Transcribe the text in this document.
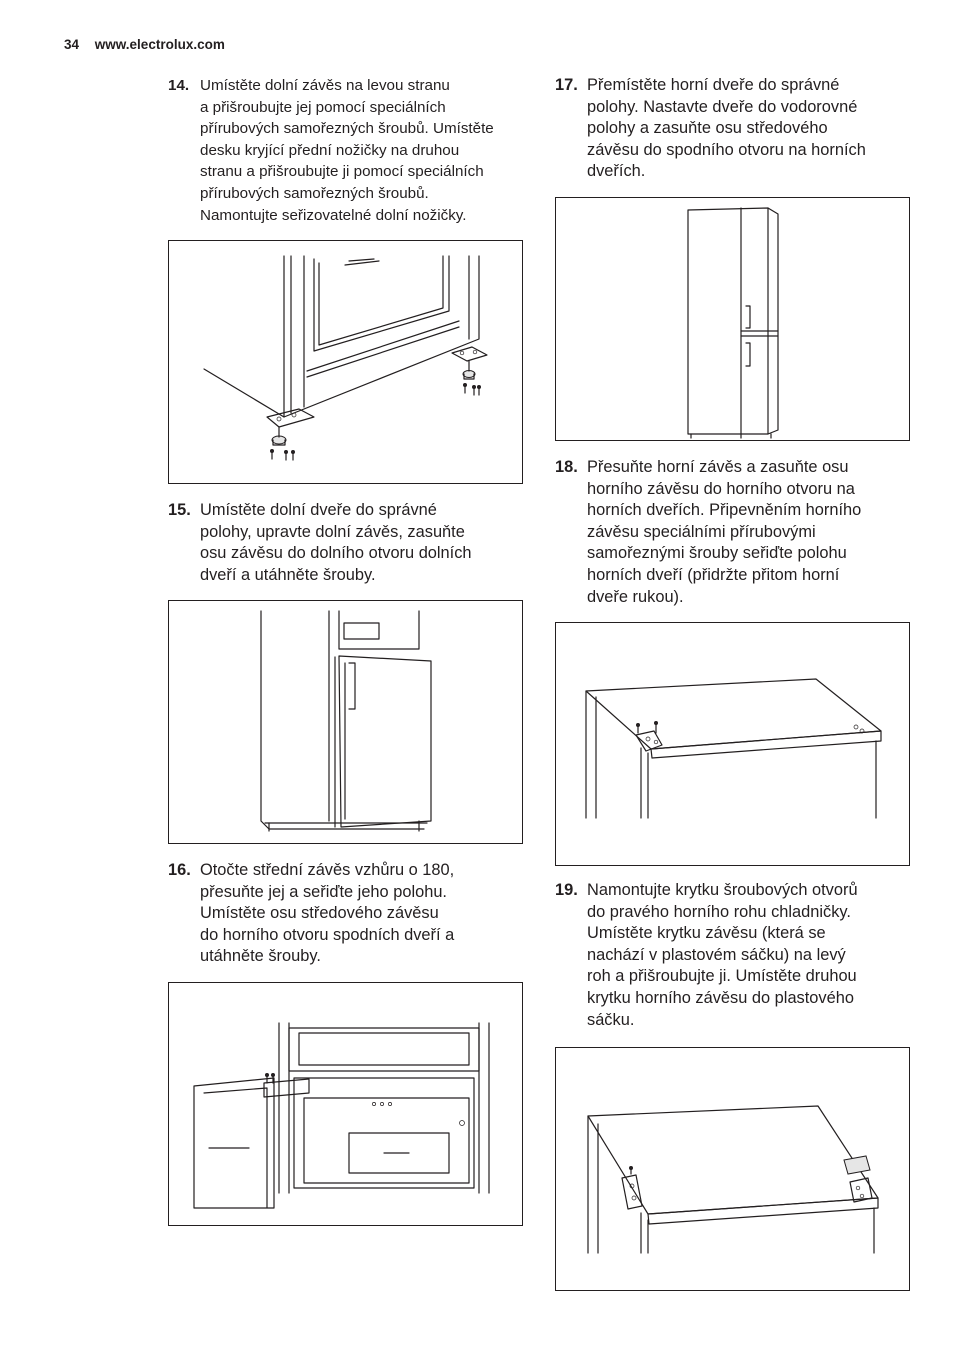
34 www.electrolux.com
14. Umístěte dolní závěs na levou stranu
a přišroubujte jej pomocí speciálních
přírubových samořezných šroubů. Umístěte
desku kryjící přední nožičky na druhou
stranu a přišroubujte ji pomocí speciálních
přírubových samořezných šroubů.
Namontujte seřizovatelné dolní nožičky.
15. Umístěte dolní dveře do správné
polohy, upravte dolní závěs, zasuňte
osu závěsu do dolního otvoru dolních
dveří a utáhněte šrouby.
16. Otočte střední závěs vzhůru o 180,
přesuňte jej a seřiďte jeho polohu.
Umístěte osu středového závěsu
do horního otvoru spodních dveří a
utáhněte šrouby.
17. Přemístěte horní dveře do správné
polohy. Nastavte dveře do vodorovné
polohy a zasuňte osu středového
závěsu do spodního otvoru na horních
dveřích.
18. Přesuňte horní závěs a zasuňte osu
horního závěsu do horního otvoru na
horních dveřích. Připevněním horního
závěsu speciálními přírubovými
samořeznými šrouby seřiďte polohu
horních dveří (přidržte přitom horní
dveře rukou).
19. Namontujte krytku šroubových otvorů
do pravého horního rohu chladničky.
Umístěte krytku závěsu (která se
nachází v plastovém sáčku) na levý
roh a přišroubujte ji. Umístěte druhou
krytku horního závěsu do plastového
sáčku.
